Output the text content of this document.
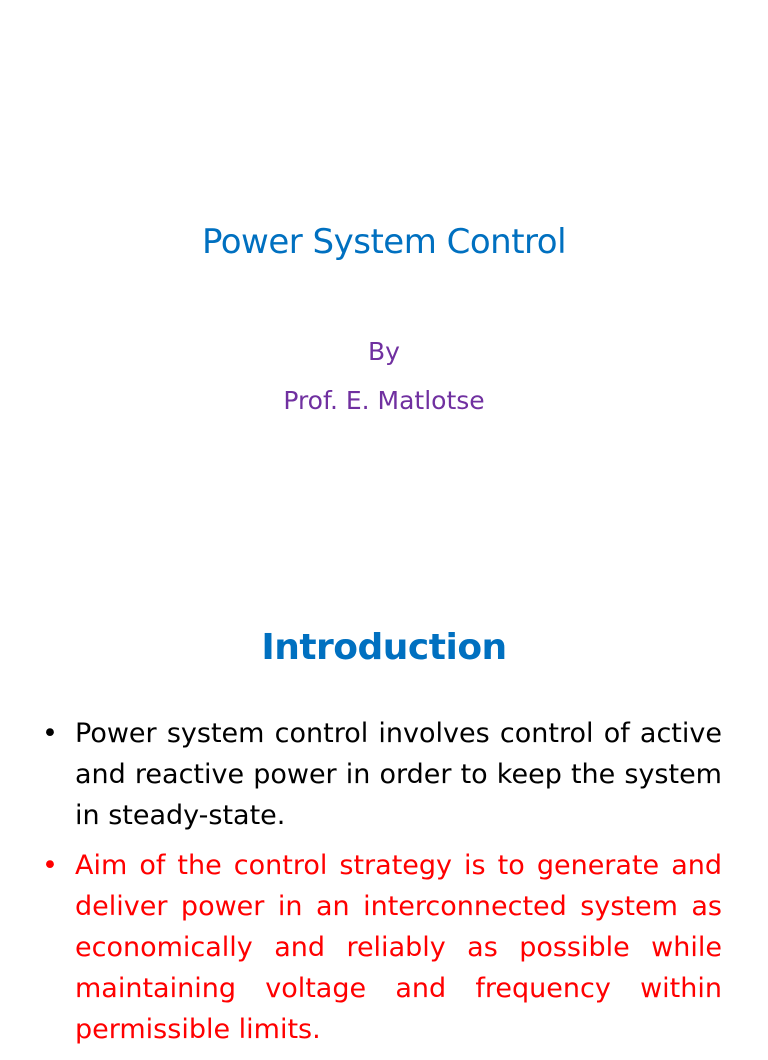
Power System Control

By

Prof. E. Matlotse

Introduction
• Power system control involves control of active and reactive power in order to keep the system in steady-state.
• Aim of the control strategy is to generate and deliver power in an interconnected system as economically and reliably as possible while maintaining voltage and frequency within permissible limits.
